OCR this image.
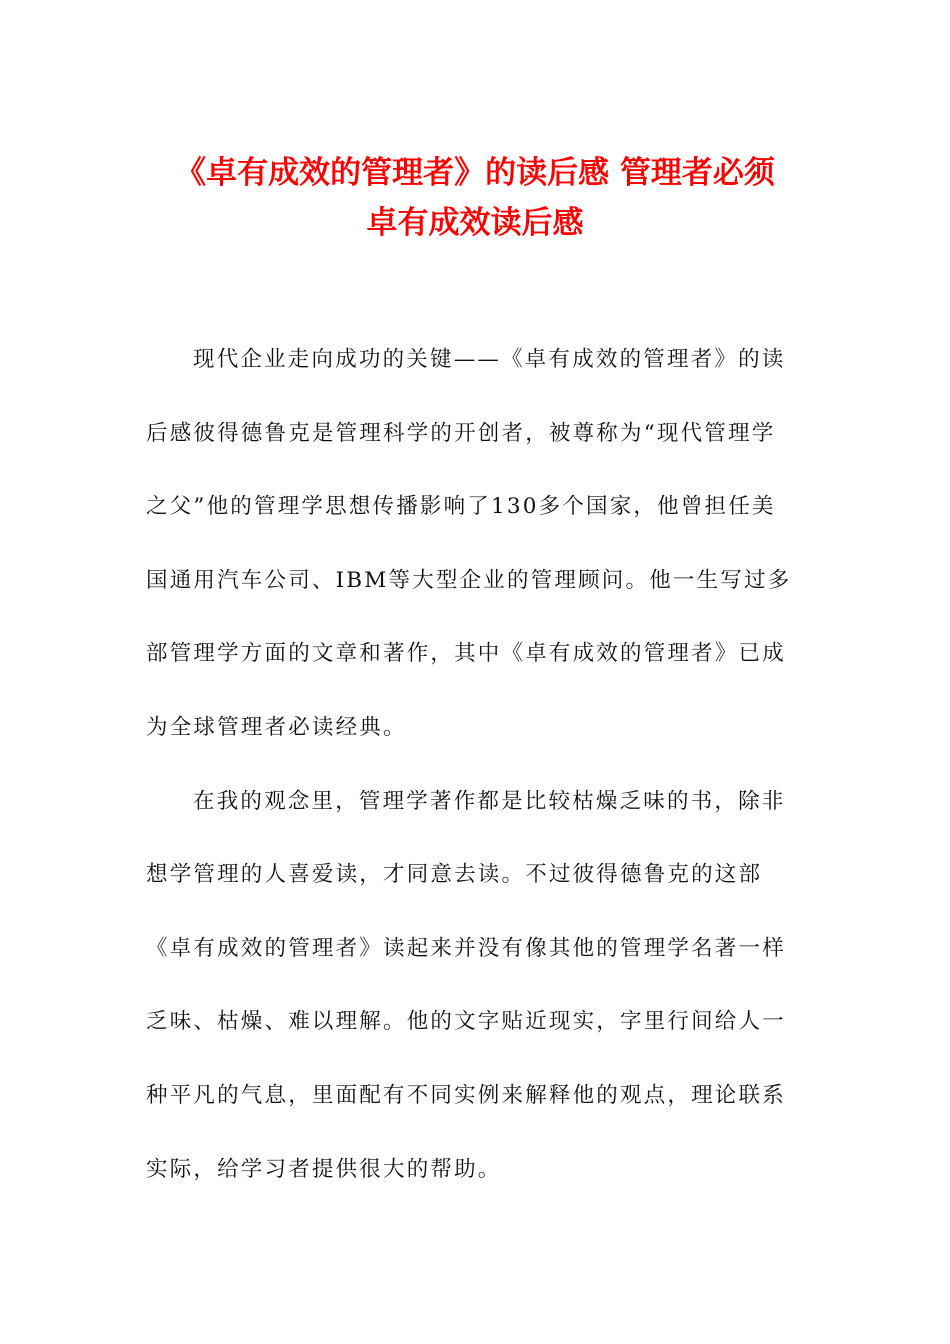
《卓有成效的管理者》的读后感 管理者必须
卓有成效读后感

现代企业走向成功的关键——《卓有成效的管理者》的读
后感彼得德鲁克是管理科学的开创者，被尊称为“现代管理学
之父”他的管理学思想传播影响了130多个国家，他曾担任美
国通用汽车公司、IBM等大型企业的管理顾问。他一生写过多
部管理学方面的文章和著作，其中《卓有成效的管理者》已成
为全球管理者必读经典。

在我的观念里，管理学著作都是比较枯燥乏味的书，除非
想学管理的人喜爱读，才同意去读。不过彼得德鲁克的这部
《卓有成效的管理者》读起来并没有像其他的管理学名著一样
乏味、枯燥、难以理解。他的文字贴近现实，字里行间给人一
种平凡的气息，里面配有不同实例来解释他的观点，理论联系
实际，给学习者提供很大的帮助。
